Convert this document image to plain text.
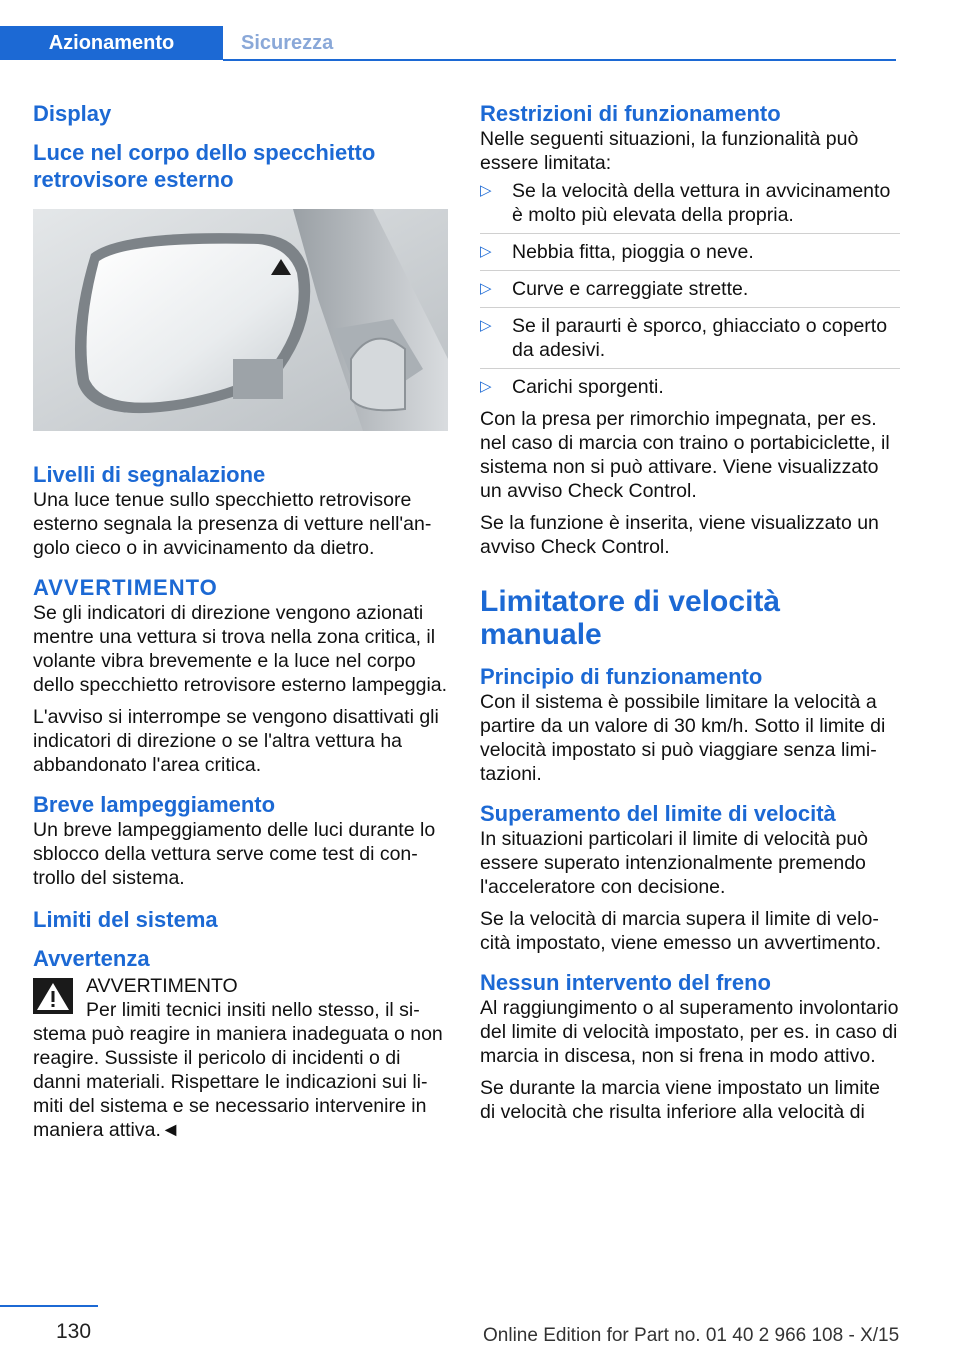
Azionamento	Sicurezza
Display
Luce nel corpo dello specchietto retrovisore esterno
Livelli di segnalazione

Una luce tenue sullo specchietto retrovisore esterno segnala la presenza di vetture nell'angolo cieco o in avvicinamento da dietro.

AVVERTIMENTO

Se gli indicatori di direzione vengono azionati mentre una vettura si trova nella zona critica, il volante vibra brevemente e la luce nel corpo dello specchietto retrovisore esterno lampeggia.

L'avviso si interrompe se vengono disattivati gli indicatori di direzione o se l'altra vettura ha abbandonato l'area critica.

Breve lampeggiamento

Un breve lampeggiamento delle luci durante lo sblocco della vettura serve come test di controllo del sistema.

Limiti del sistema
Avvertenza

AVVERTIMENTO

Per limiti tecnici insiti nello stesso, il sistema può reagire in maniera inadeguata o non reagire. Sussiste il pericolo di incidenti o di danni materiali. Rispettare le indicazioni sui limiti del sistema e se necessario intervenire in maniera attiva.◄

Restrizioni di funzionamento

Nelle seguenti situazioni, la funzionalità può essere limitata:

▷ Se la velocità della vettura in avvicinamento è molto più elevata della propria.
▷ Nebbia fitta, pioggia o neve.
▷ Curve e carreggiate strette.
▷ Se il paraurti è sporco, ghiacciato o coperto da adesivi.
▷ Carichi sporgenti.

Con la presa per rimorchio impegnata, per es. nel caso di marcia con traino o portabiciclette, il sistema non si può attivare. Viene visualizzato un avviso Check Control.

Se la funzione è inserita, viene visualizzato un avviso Check Control.

Limitatore di velocità manuale
Principio di funzionamento

Con il sistema è possibile limitare la velocità a partire da un valore di 30 km/h. Sotto il limite di velocità impostato si può viaggiare senza limitazioni.

Superamento del limite di velocità

In situazioni particolari il limite di velocità può essere superato intenzionalmente premendo l'acceleratore con decisione.

Se la velocità di marcia supera il limite di velocità impostato, viene emesso un avvertimento.

Nessun intervento del freno

Al raggiungimento o al superamento involontario del limite di velocità impostato, per es. in caso di marcia in discesa, non si frena in modo attivo.

Se durante la marcia viene impostato un limite di velocità che risulta inferiore alla velocità di

130	Online Edition for Part no. 01 40 2 966 108 - X/15
